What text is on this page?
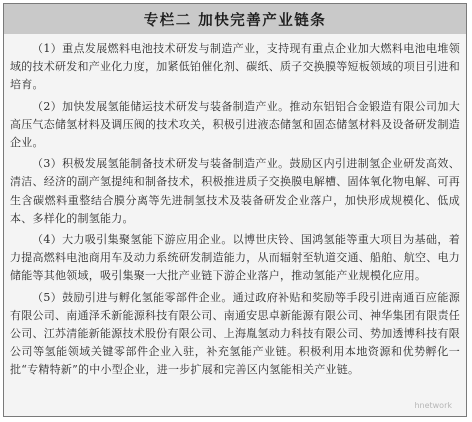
专栏二 加快完善产业链条

（1）重点发展燃料电池技术研发与制造产业，支持现有重点企业加大燃料电池电堆领域的技术研发和产业化力度，加紧低铂催化剂、碳纸、质子交换膜等短板领域的项目引进和培育。

（2）加快发展氢能储运技术研发与装备制造产业。推动东铝铝合金锻造有限公司加大高压气态储氢材料及调压阀的技术攻关，积极引进液态储氢和固态储氢材料及设备研发制造企业。

（3）积极发展氢能制备技术研发与装备制造产业。鼓励区内引进制氢企业研发高效、清洁、经济的副产氢提纯和制备技术，积极推进质子交换膜电解槽、固体氧化物电解、可再生含碳燃料重整结合膜分离等先进制氢技术及装备研发企业落户，加快形成规模化、低成本、多样化的制氢能力。

（4）大力吸引集聚氢能下游应用企业。以博世庆铃、国鸿氢能等重大项目为基础，着力提高燃料电池商用车及动力系统研发制造能力，从而辐射至轨道交通、船舶、航空、电力储能等其他领域，吸引集聚一大批产业链下游企业落户，推动氢能产业规模化应用。

（5）鼓励引进与孵化氢能零部件企业。通过政府补贴和奖励等手段引进南通百应能源有限公司、南通泽禾新能源科技有限公司、南通安思卓新能源有限公司、神华集团有限责任公司、江苏清能新能源技术股份有限公司、上海胤氢动力科技有限公司、势加透博科技有限公司等氢能领域关键零部件企业入驻，补充氢能产业链。积极利用本地资源和优势孵化一批“专精特新”的中小型企业，进一步扩展和完善区内氢能相关产业链。

hnetwork
